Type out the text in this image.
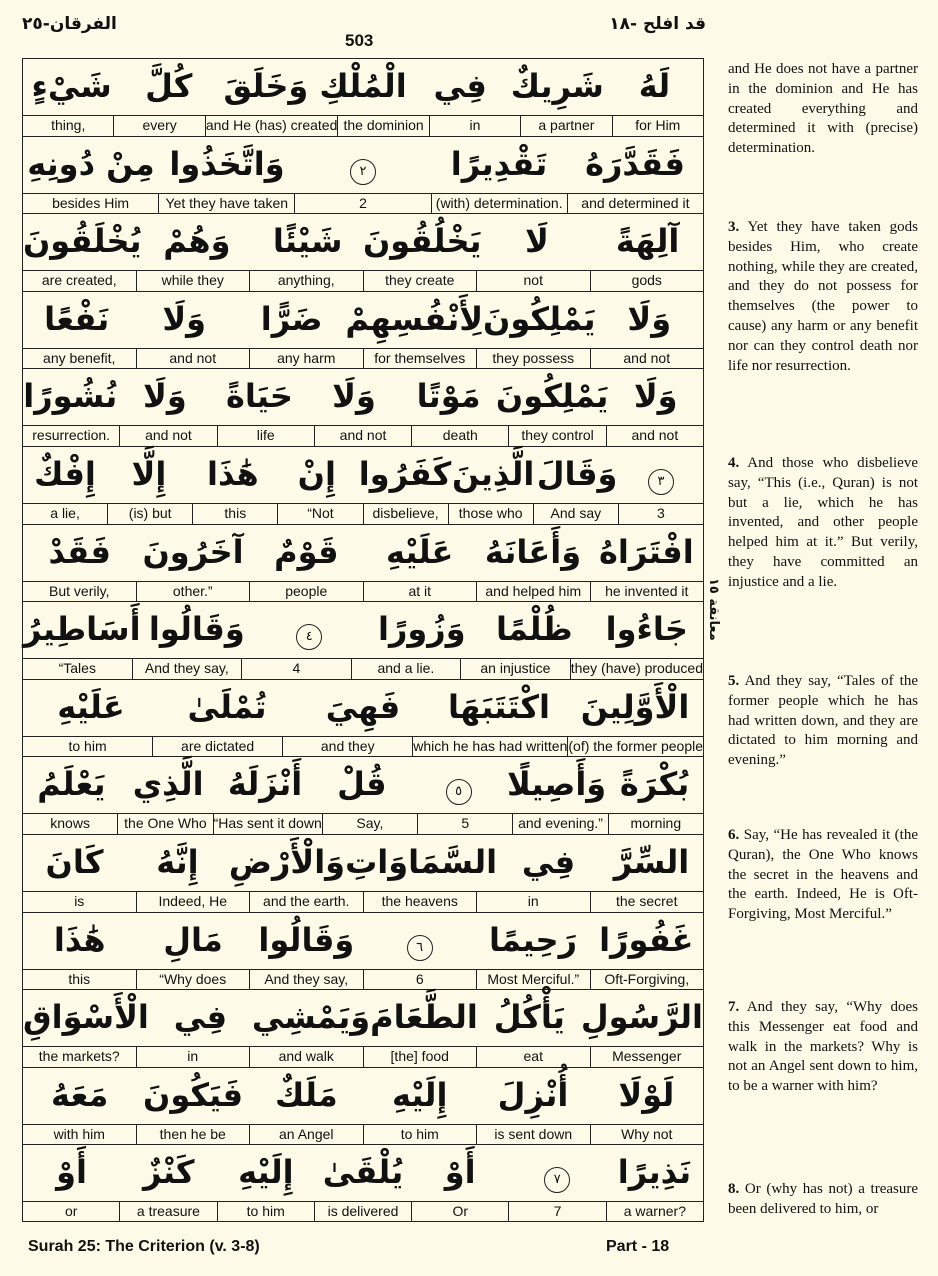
قد افلح -١٨
503
الفرقان-٢٥
لَهُ
شَرِيكٌ
فِي
الْمُلْكِ
وَخَلَقَ
كُلَّ
شَيْءٍ
for Him
a partner
in
the dominion
and He (has) created
every
thing,
فَقَدَّرَهُ
تَقْدِيرًا
٢
وَاتَّخَذُوا
مِنْ دُونِهِ
and determined it
(with) determination.
2
Yet they have taken
besides Him
آلِهَةً
لَا
يَخْلُقُونَ
شَيْئًا
وَهُمْ
يُخْلَقُونَ
gods
not
they create
anything,
while they
are created,
وَلَا
يَمْلِكُونَ
لِأَنْفُسِهِمْ
ضَرًّا
وَلَا
نَفْعًا
and not
they possess
for themselves
any harm
and not
any benefit,
وَلَا
يَمْلِكُونَ
مَوْتًا
وَلَا
حَيَاةً
وَلَا
نُشُورًا
and not
they control
death
and not
life
and not
resurrection.
٣
وَقَالَ
الَّذِينَ
كَفَرُوا
إِنْ
هَٰذَا
إِلَّا
إِفْكٌ
3
And say
those who
disbelieve,
“Not
this
(is) but
a lie,
افْتَرَاهُ
وَأَعَانَهُ
عَلَيْهِ
قَوْمٌ
آخَرُونَ
فَقَدْ
he invented it
and helped him
at it
people
other.”
But verily,
جَاءُوا
ظُلْمًا
وَزُورًا
٤
وَقَالُوا
أَسَاطِيرُ
they (have) produced
an injustice
and a lie.
4
And they say,
“Tales
الْأَوَّلِينَ
اكْتَتَبَهَا
فَهِيَ
تُمْلَىٰ
عَلَيْهِ
(of) the former people
which he has had written
and they
are dictated
to him
بُكْرَةً
وَأَصِيلًا
٥
قُلْ
أَنْزَلَهُ
الَّذِي
يَعْلَمُ
morning
and evening.”
5
Say,
“Has sent it down
the One Who
knows
السِّرَّ
فِي
السَّمَاوَاتِ
وَالْأَرْضِ
إِنَّهُ
كَانَ
the secret
in
the heavens
and the earth.
Indeed, He
is
غَفُورًا
رَحِيمًا
٦
وَقَالُوا
مَالِ
هَٰذَا
Oft-Forgiving,
Most Merciful.”
6
And they say,
“Why does
this
الرَّسُولِ
يَأْكُلُ
الطَّعَامَ
وَيَمْشِي
فِي
الْأَسْوَاقِ
Messenger
eat
[the] food
and walk
in
the markets?
لَوْلَا
أُنْزِلَ
إِلَيْهِ
مَلَكٌ
فَيَكُونَ
مَعَهُ
Why not
is sent down
to him
an Angel
then he be
with him
نَذِيرًا
٧
أَوْ
يُلْقَىٰ
إِلَيْهِ
كَنْزٌ
أَوْ
a warner?
7
Or
is delivered
to him
a treasure
or
معانقة ١٥

and He does not have a partner in the dominion and He has created everything and determined it with (precise) determination.

3. Yet they have taken gods besides Him, who create nothing, while they are created, and they do not possess for themselves (the power to cause) any harm or any benefit nor can they control death nor life nor resurrection.

4. And those who disbelieve say, “This (i.e., Quran) is not but a lie, which he has invented, and other people helped him at it.” But verily, they have committed an injustice and a lie.

5. And they say, “Tales of the former people which he has had written down, and they are dictated to him morning and evening.”

6. Say, “He has revealed it (the Quran), the One Who knows the secret in the heavens and the earth. Indeed, He is Oft-Forgiving, Most Merciful.”

7. And they say, “Why does this Messenger eat food and walk in the markets? Why is not an Angel sent down to him, to be a warner with him?

8. Or (why has not) a treasure been delivered to him, or

Surah 25: The Criterion (v. 3-8)	Part - 18
